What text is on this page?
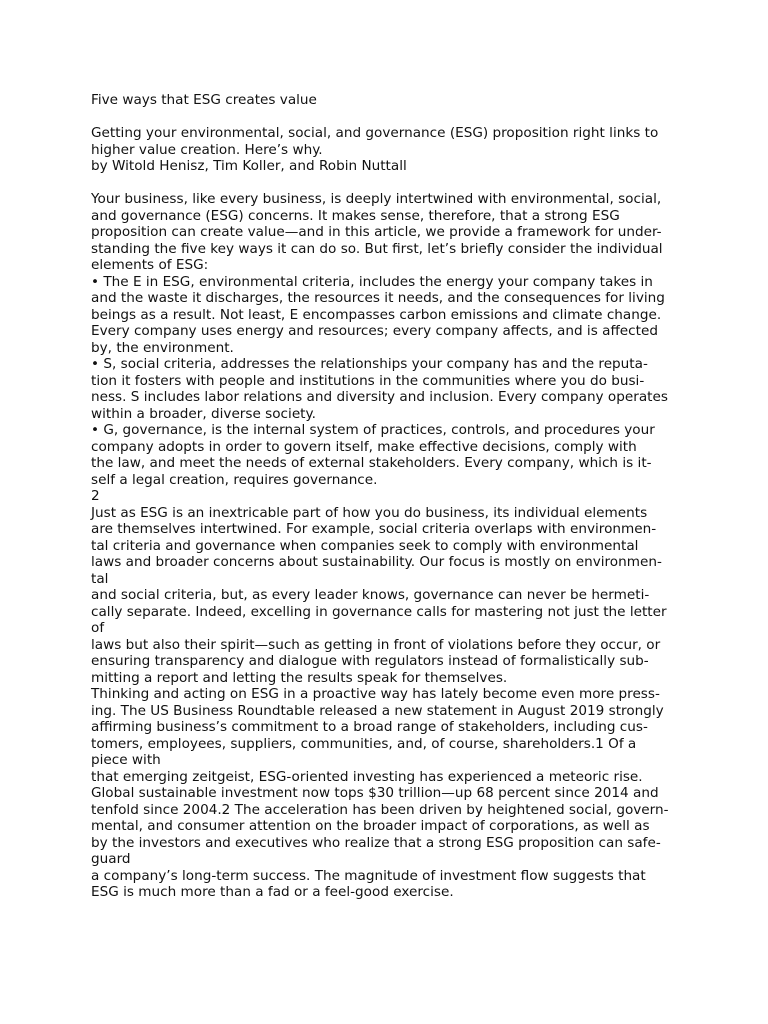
Five ways that ESG creates value
Getting your environmental, social, and governance (ESG) proposition right links to
higher value creation. Here’s why.
by Witold Henisz, Tim Koller, and Robin Nuttall
Your business, like every business, is deeply intertwined with environmental, social,
and governance (ESG) concerns. It makes sense, therefore, that a strong ESG
proposition can create value—and in this article, we provide a framework for under-
standing the five key ways it can do so. But first, let’s briefly consider the individual
elements of ESG:
• The E in ESG, environmental criteria, includes the energy your company takes in
and the waste it discharges, the resources it needs, and the consequences for living
beings as a result. Not least, E encompasses carbon emissions and climate change.
Every company uses energy and resources; every company affects, and is affected
by, the environment.
• S, social criteria, addresses the relationships your company has and the reputa-
tion it fosters with people and institutions in the communities where you do busi-
ness. S includes labor relations and diversity and inclusion. Every company operates
within a broader, diverse society.
• G, governance, is the internal system of practices, controls, and procedures your
company adopts in order to govern itself, make effective decisions, comply with
the law, and meet the needs of external stakeholders. Every company, which is it-
self a legal creation, requires governance.
2
Just as ESG is an inextricable part of how you do business, its individual elements
are themselves intertwined. For example, social criteria overlaps with environmen-
tal criteria and governance when companies seek to comply with environmental
laws and broader concerns about sustainability. Our focus is mostly on environmen-
tal
and social criteria, but, as every leader knows, governance can never be hermeti-
cally separate. Indeed, excelling in governance calls for mastering not just the letter
of
laws but also their spirit—such as getting in front of violations before they occur, or
ensuring transparency and dialogue with regulators instead of formalistically sub-
mitting a report and letting the results speak for themselves.
Thinking and acting on ESG in a proactive way has lately become even more press-
ing. The US Business Roundtable released a new statement in August 2019 strongly
affirming business’s commitment to a broad range of stakeholders, including cus-
tomers, employees, suppliers, communities, and, of course, shareholders.1 Of a
piece with
that emerging zeitgeist, ESG-oriented investing has experienced a meteoric rise.
Global sustainable investment now tops $30 trillion—up 68 percent since 2014 and
tenfold since 2004.2 The acceleration has been driven by heightened social, govern-
mental, and consumer attention on the broader impact of corporations, as well as
by the investors and executives who realize that a strong ESG proposition can safe-
guard
a company’s long-term success. The magnitude of investment flow suggests that
ESG is much more than a fad or a feel-good exercise.
